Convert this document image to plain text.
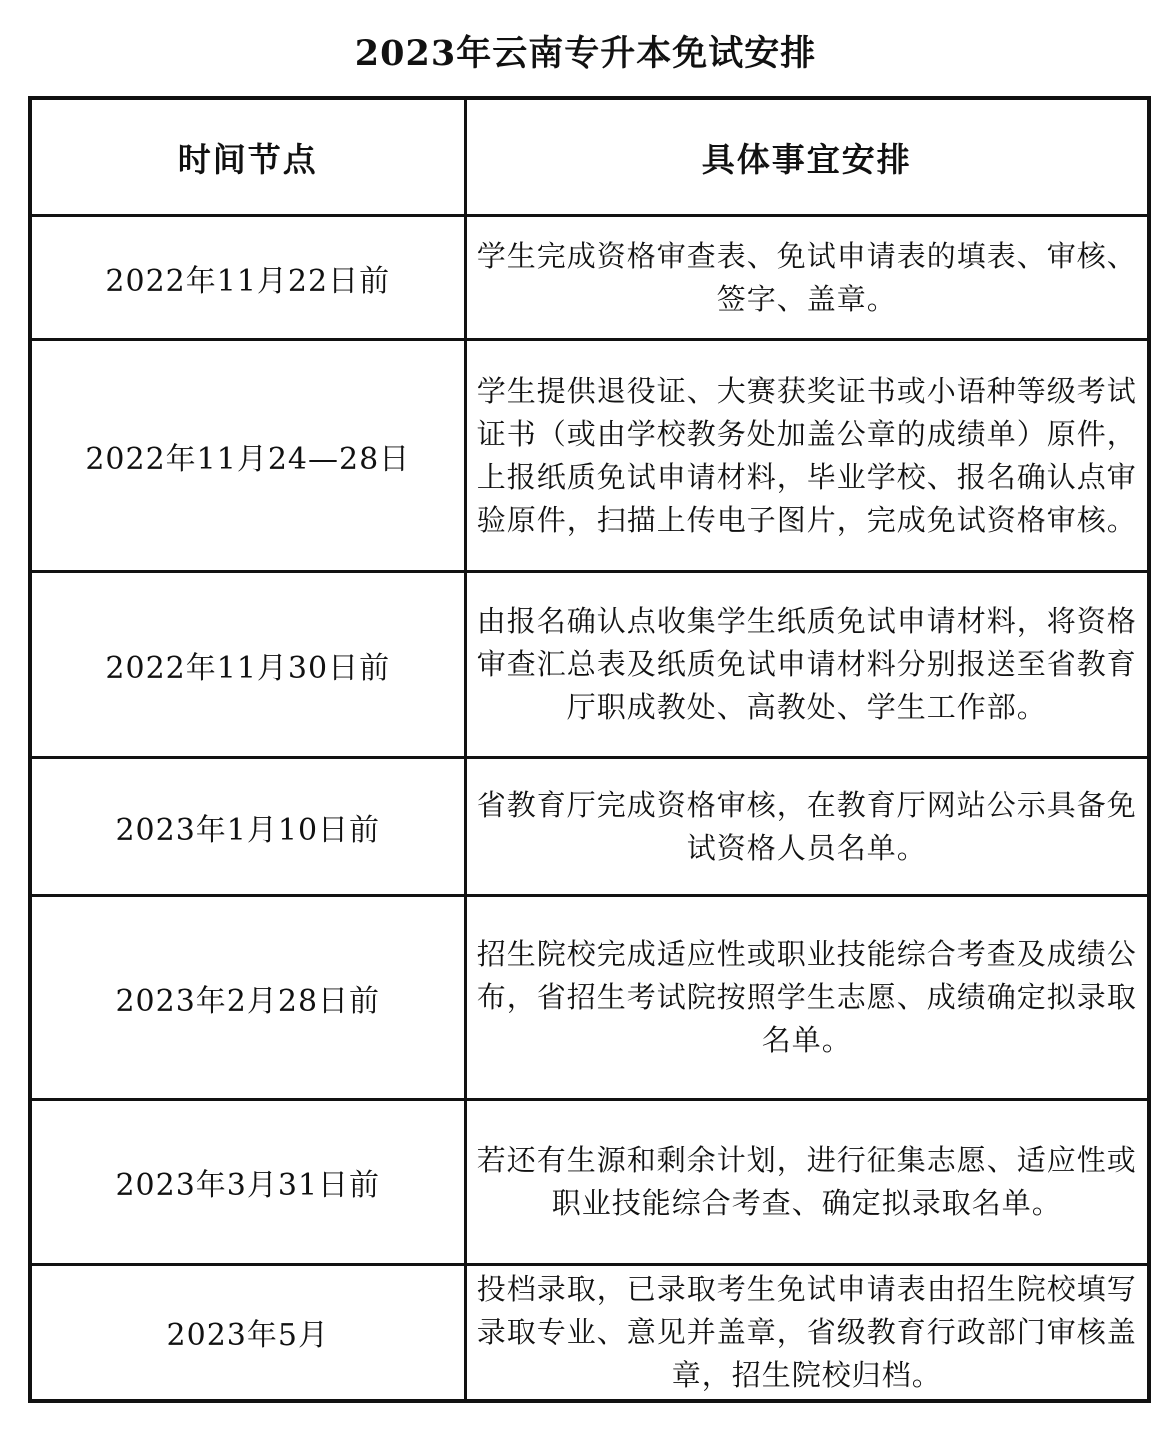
2023年云南专升本免试安排
时间节点	具体事宜安排
2022年11月22日前	学生完成资格审查表、免试申请表的填表、审核、签字、盖章。
2022年11月24—28日	学生提供退役证、大赛获奖证书或小语种等级考试证书（或由学校教务处加盖公章的成绩单）原件，上报纸质免试申请材料，毕业学校、报名确认点审验原件，扫描上传电子图片，完成免试资格审核。
2022年11月30日前	由报名确认点收集学生纸质免试申请材料，将资格审查汇总表及纸质免试申请材料分别报送至省教育厅职成教处、高教处、学生工作部。
2023年1月10日前	省教育厅完成资格审核，在教育厅网站公示具备免试资格人员名单。
2023年2月28日前	招生院校完成适应性或职业技能综合考查及成绩公布，省招生考试院按照学生志愿、成绩确定拟录取名单。
2023年3月31日前	若还有生源和剩余计划，进行征集志愿、适应性或职业技能综合考查、确定拟录取名单。
2023年5月	投档录取，已录取考生免试申请表由招生院校填写录取专业、意见并盖章，省级教育行政部门审核盖章，招生院校归档。
